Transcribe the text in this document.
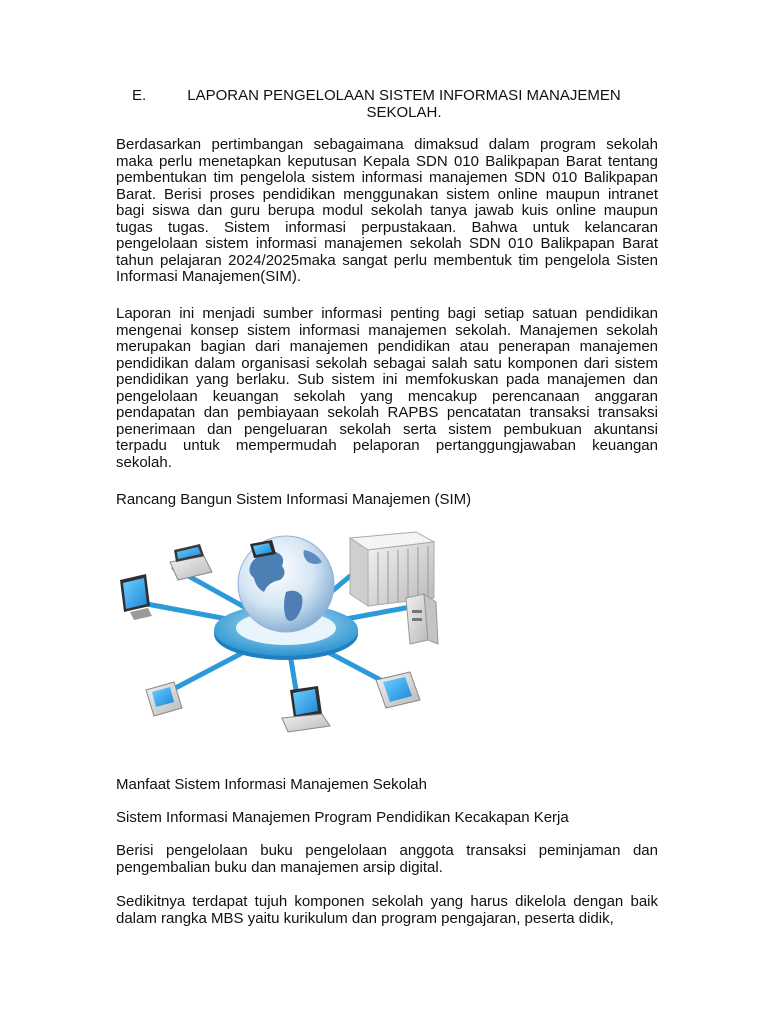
E.	LAPORAN PENGELOLAAN SISTEM INFORMASI MANAJEMEN SEKOLAH.

Berdasarkan pertimbangan sebagaimana dimaksud dalam program sekolah maka perlu menetapkan keputusan Kepala SDN 010 Balikpapan Barat tentang pembentukan tim pengelola sistem informasi manajemen SDN 010 Balikpapan Barat. Berisi proses pendidikan menggunakan sistem online maupun intranet bagi siswa dan guru berupa modul sekolah tanya jawab kuis online maupun tugas tugas. Sistem informasi perpustakaan. Bahwa untuk kelancaran pengelolaan sistem informasi manajemen sekolah SDN 010 Balikpapan Barat tahun pelajaran 2024/2025maka sangat perlu membentuk tim pengelola Sisten Informasi Manajemen(SIM).

Laporan ini menjadi sumber informasi penting bagi setiap satuan pendidikan mengenai konsep sistem informasi manajemen sekolah. Manajemen sekolah merupakan bagian dari manajemen pendidikan atau penerapan manajemen pendidikan dalam organisasi sekolah sebagai salah satu komponen dari sistem pendidikan yang berlaku. Sub sistem ini memfokuskan pada manajemen dan pengelolaan keuangan sekolah yang mencakup perencanaan anggaran pendapatan dan pembiayaan sekolah RAPBS pencatatan transaksi transaksi penerimaan dan pengeluaran sekolah serta sistem pembukuan akuntansi terpadu untuk mempermudah pelaporan pertanggungjawaban keuangan sekolah.

Rancang Bangun Sistem Informasi Manajemen (SIM)
Manfaat Sistem Informasi Manajemen Sekolah
Sistem Informasi Manajemen Program Pendidikan Kecakapan Kerja

Berisi pengelolaan buku pengelolaan anggota transaksi peminjaman dan pengembalian buku dan manajemen arsip digital.

Sedikitnya terdapat tujuh komponen sekolah yang harus dikelola dengan baik dalam rangka MBS yaitu kurikulum dan program pengajaran, peserta didik,
